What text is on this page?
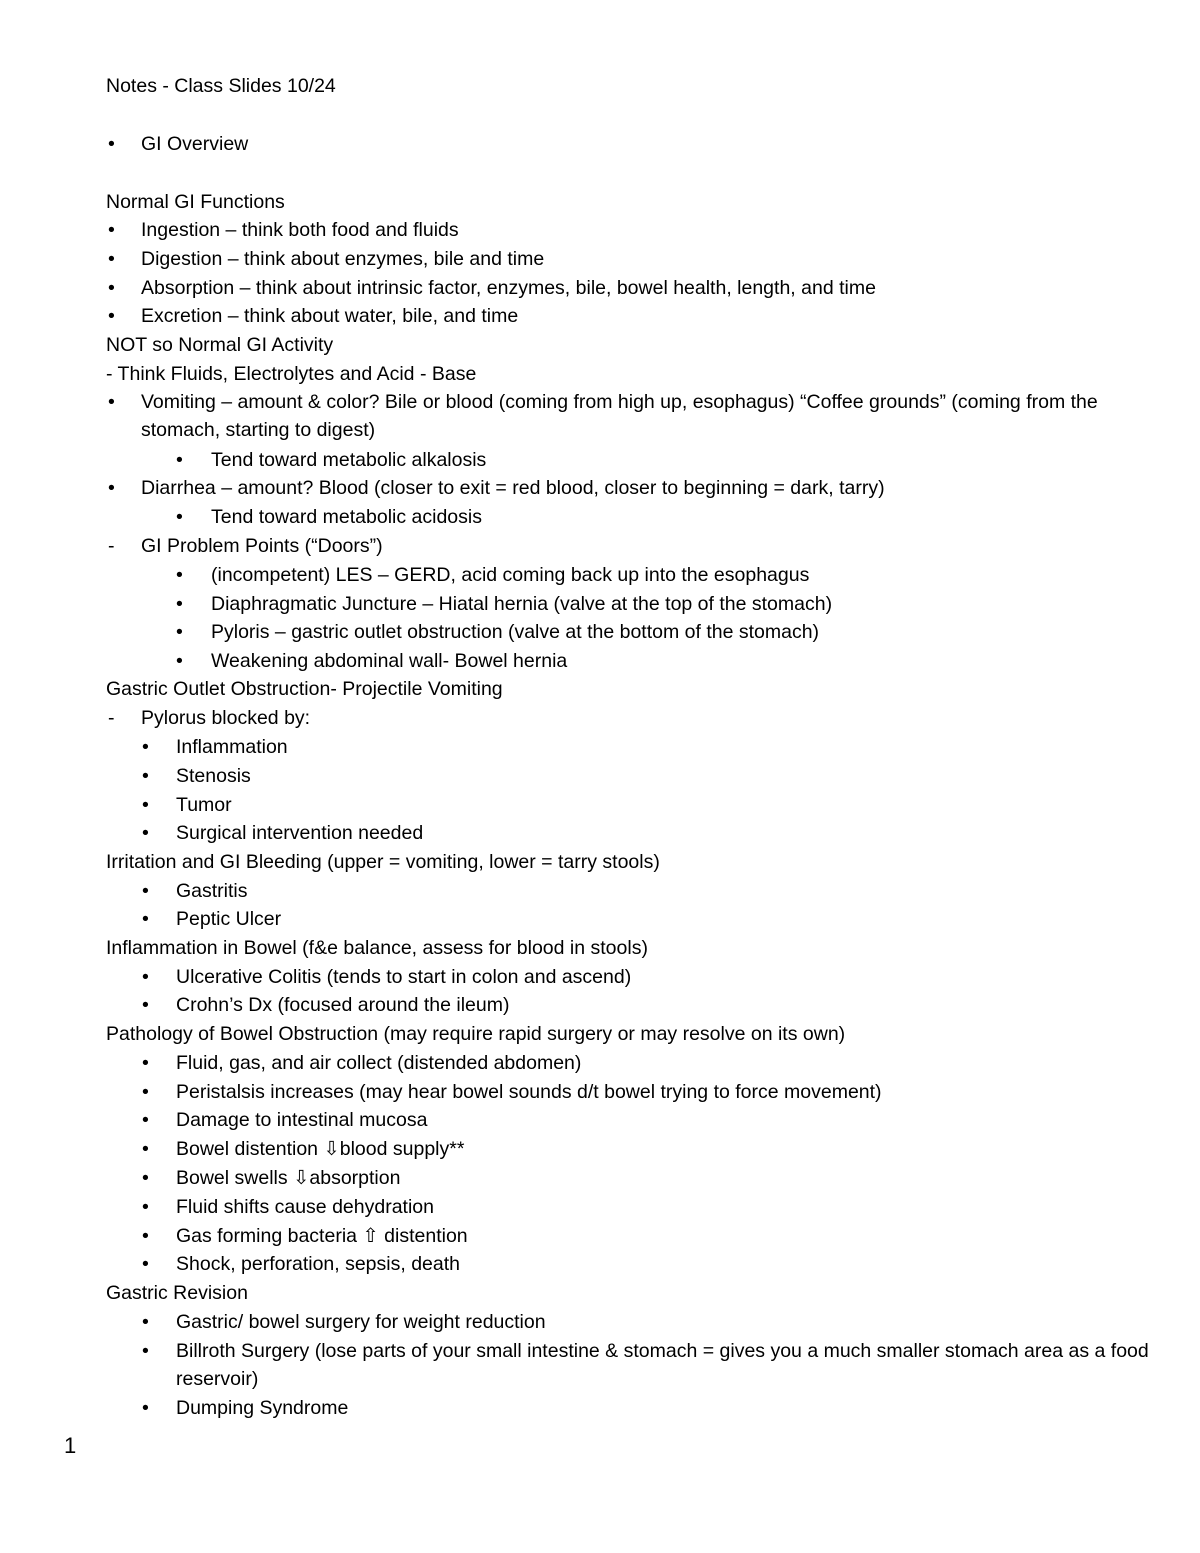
Notes - Class Slides 10/24
• GI Overview
Normal GI Functions
• Ingestion – think both food and fluids
• Digestion – think about enzymes, bile and time
• Absorption – think about intrinsic factor, enzymes, bile, bowel health, length, and time
• Excretion – think about water, bile, and time
NOT so Normal GI Activity
- Think Fluids, Electrolytes and Acid - Base
• Vomiting – amount & color? Bile or blood (coming from high up, esophagus) “Coffee grounds” (coming from the stomach, starting to digest)
• Tend toward metabolic alkalosis
• Diarrhea – amount? Blood (closer to exit = red blood, closer to beginning = dark, tarry)
• Tend toward metabolic acidosis
- GI Problem Points (“Doors”)
• (incompetent) LES – GERD, acid coming back up into the esophagus
• Diaphragmatic Juncture – Hiatal hernia (valve at the top of the stomach)
• Pyloris – gastric outlet obstruction (valve at the bottom of the stomach)
• Weakening abdominal wall- Bowel hernia
Gastric Outlet Obstruction- Projectile Vomiting
- Pylorus blocked by:
• Inflammation
• Stenosis
• Tumor
• Surgical intervention needed
Irritation and GI Bleeding (upper = vomiting, lower = tarry stools)
• Gastritis
• Peptic Ulcer
Inflammation in Bowel (f&e balance, assess for blood in stools)
• Ulcerative Colitis (tends to start in colon and ascend)
• Crohn’s Dx (focused around the ileum)
Pathology of Bowel Obstruction (may require rapid surgery or may resolve on its own)
• Fluid, gas, and air collect (distended abdomen)
• Peristalsis increases (may hear bowel sounds d/t bowel trying to force movement)
• Damage to intestinal mucosa
• Bowel distention ⇩blood supply**
• Bowel swells ⇩absorption
• Fluid shifts cause dehydration
• Gas forming bacteria ⇧ distention
• Shock, perforation, sepsis, death
Gastric Revision
• Gastric/ bowel surgery for weight reduction
• Billroth Surgery (lose parts of your small intestine & stomach = gives you a much smaller stomach area as a food reservoir)
• Dumping Syndrome
1
